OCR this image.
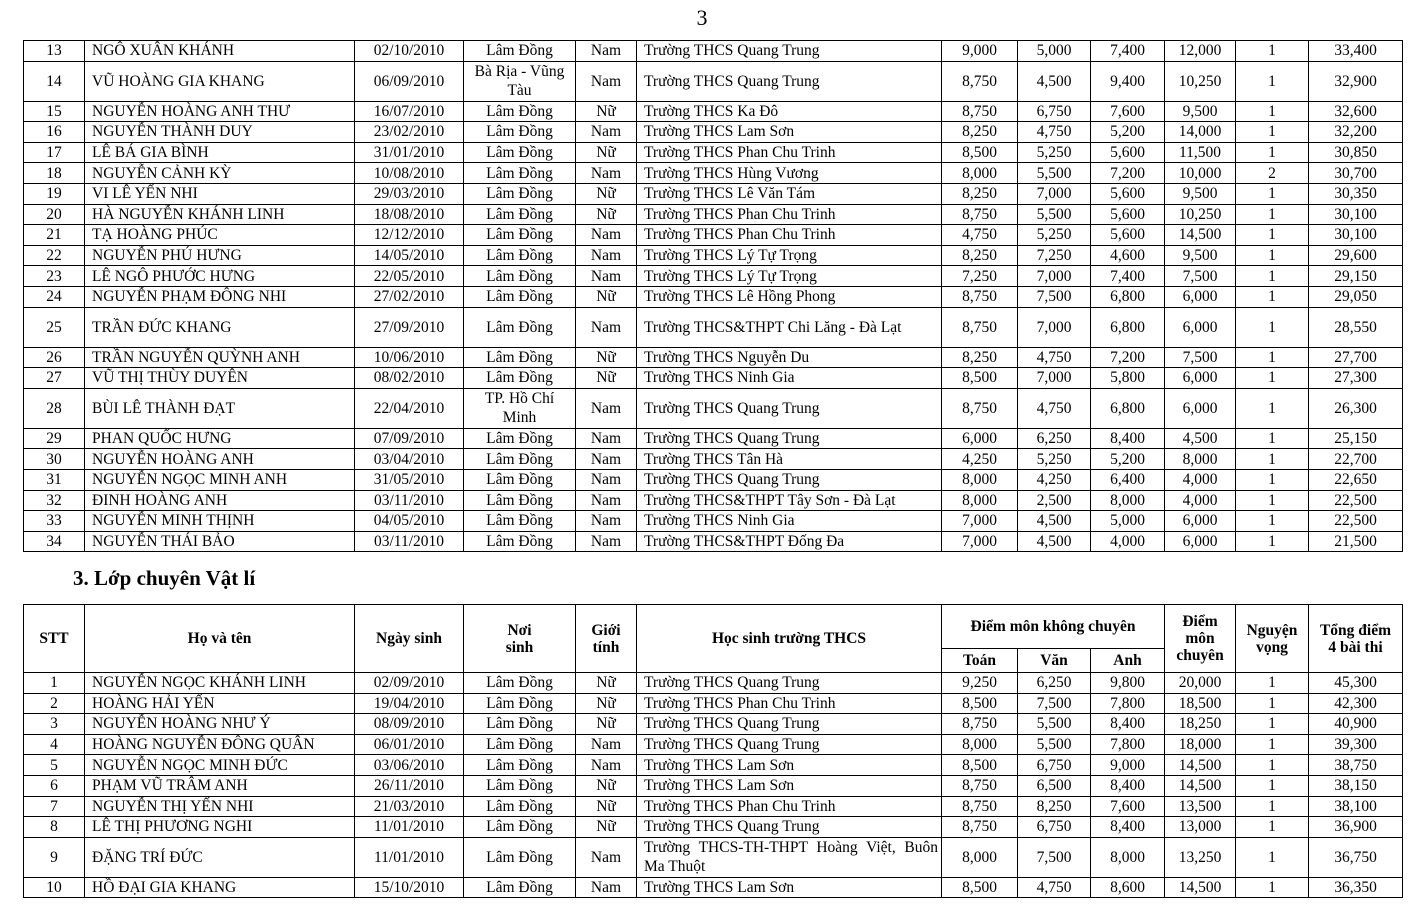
3
13	NGÔ XUÂN KHÁNH	02/10/2010	Lâm Đồng	Nam	Trường THCS Quang Trung	9,000	5,000	7,400	12,000	1	33,400
14	VŨ HOÀNG GIA KHANG	06/09/2010	Bà Rịa - Vũng Tàu	Nam	Trường THCS Quang Trung	8,750	4,500	9,400	10,250	1	32,900
15	NGUYỄN HOÀNG ANH THƯ	16/07/2010	Lâm Đồng	Nữ	Trường THCS Ka Đô	8,750	6,750	7,600	9,500	1	32,600
16	NGUYỄN THÀNH DUY	23/02/2010	Lâm Đồng	Nam	Trường THCS Lam Sơn	8,250	4,750	5,200	14,000	1	32,200
17	LÊ BÁ GIA BÌNH	31/01/2010	Lâm Đồng	Nữ	Trường THCS Phan Chu Trinh	8,500	5,250	5,600	11,500	1	30,850
18	NGUYỄN CẢNH KỲ	10/08/2010	Lâm Đồng	Nam	Trường THCS Hùng Vương	8,000	5,500	7,200	10,000	2	30,700
19	VI LÊ YẾN NHI	29/03/2010	Lâm Đồng	Nữ	Trường THCS Lê Văn Tám	8,250	7,000	5,600	9,500	1	30,350
20	HÀ NGUYỄN KHÁNH LINH	18/08/2010	Lâm Đồng	Nữ	Trường THCS Phan Chu Trinh	8,750	5,500	5,600	10,250	1	30,100
21	TẠ HOÀNG PHÚC	12/12/2010	Lâm Đồng	Nam	Trường THCS Phan Chu Trinh	4,750	5,250	5,600	14,500	1	30,100
22	NGUYỄN PHÚ HƯNG	14/05/2010	Lâm Đồng	Nam	Trường THCS Lý Tự Trọng	8,250	7,250	4,600	9,500	1	29,600
23	LÊ NGÔ PHƯỚC HƯNG	22/05/2010	Lâm Đồng	Nam	Trường THCS Lý Tự Trọng	7,250	7,000	7,400	7,500	1	29,150
24	NGUYỄN PHẠM ĐÔNG NHI	27/02/2010	Lâm Đồng	Nữ	Trường THCS Lê Hồng Phong	8,750	7,500	6,800	6,000	1	29,050
25	TRẦN ĐỨC KHANG	27/09/2010	Lâm Đồng	Nam	Trường THCS&THPT Chi Lăng - Đà Lạt	8,750	7,000	6,800	6,000	1	28,550
26	TRẦN NGUYỄN QUỲNH ANH	10/06/2010	Lâm Đồng	Nữ	Trường THCS Nguyễn Du	8,250	4,750	7,200	7,500	1	27,700
27	VŨ THỊ THÙY DUYÊN	08/02/2010	Lâm Đồng	Nữ	Trường THCS Ninh Gia	8,500	7,000	5,800	6,000	1	27,300
28	BÙI LÊ THÀNH ĐẠT	22/04/2010	TP. Hồ Chí Minh	Nam	Trường THCS Quang Trung	8,750	4,750	6,800	6,000	1	26,300
29	PHAN QUỐC HƯNG	07/09/2010	Lâm Đồng	Nam	Trường THCS Quang Trung	6,000	6,250	8,400	4,500	1	25,150
30	NGUYỄN HOÀNG ANH	03/04/2010	Lâm Đồng	Nam	Trường THCS Tân Hà	4,250	5,250	5,200	8,000	1	22,700
31	NGUYỄN NGỌC MINH ANH	31/05/2010	Lâm Đồng	Nam	Trường THCS Quang Trung	8,000	4,250	6,400	4,000	1	22,650
32	ĐINH HOÀNG ANH	03/11/2010	Lâm Đồng	Nam	Trường THCS&THPT Tây Sơn - Đà Lạt	8,000	2,500	8,000	4,000	1	22,500
33	NGUYỄN MINH THỊNH	04/05/2010	Lâm Đồng	Nam	Trường THCS Ninh Gia	7,000	4,500	5,000	6,000	1	22,500
34	NGUYỄN THÁI BẢO	03/11/2010	Lâm Đồng	Nam	Trường THCS&THPT Đống Đa	7,000	4,500	4,000	6,000	1	21,500
3. Lớp chuyên Vật lí
STT	Họ và tên	Ngày sinh	Nơi sinh	Giới tính	Học sinh trường THCS	Điểm môn không chuyên			Điểm môn chuyên	Nguyện vọng	Tổng điểm 4 bài thi
						Toán	Văn	Anh			
1	NGUYỄN NGỌC KHÁNH LINH	02/09/2010	Lâm Đồng	Nữ	Trường THCS Quang Trung	9,250	6,250	9,800	20,000	1	45,300
2	HOÀNG HẢI YẾN	19/04/2010	Lâm Đồng	Nữ	Trường THCS Phan Chu Trinh	8,500	7,500	7,800	18,500	1	42,300
3	NGUYỄN HOÀNG NHƯ Ý	08/09/2010	Lâm Đồng	Nữ	Trường THCS Quang Trung	8,750	5,500	8,400	18,250	1	40,900
4	HOÀNG NGUYỄN ĐÔNG QUÂN	06/01/2010	Lâm Đồng	Nam	Trường THCS Quang Trung	8,000	5,500	7,800	18,000	1	39,300
5	NGUYỄN NGỌC MINH ĐỨC	03/06/2010	Lâm Đồng	Nam	Trường THCS Lam Sơn	8,500	6,750	9,000	14,500	1	38,750
6	PHẠM VŨ TRÂM ANH	26/11/2010	Lâm Đồng	Nữ	Trường THCS Lam Sơn	8,750	6,500	8,400	14,500	1	38,150
7	NGUYỄN THỊ YẾN NHI	21/03/2010	Lâm Đồng	Nữ	Trường THCS Phan Chu Trinh	8,750	8,250	7,600	13,500	1	38,100
8	LÊ THỊ PHƯƠNG NGHI	11/01/2010	Lâm Đồng	Nữ	Trường THCS Quang Trung	8,750	6,750	8,400	13,000	1	36,900
9	ĐẶNG TRÍ ĐỨC	11/01/2010	Lâm Đồng	Nam	Trường THCS-TH-THPT Hoàng Việt, Buôn Ma Thuột	8,000	7,500	8,000	13,250	1	36,750
10	HỒ ĐẠI GIA KHANG	15/10/2010	Lâm Đồng	Nam	Trường THCS Lam Sơn	8,500	4,750	8,600	14,500	1	36,350
